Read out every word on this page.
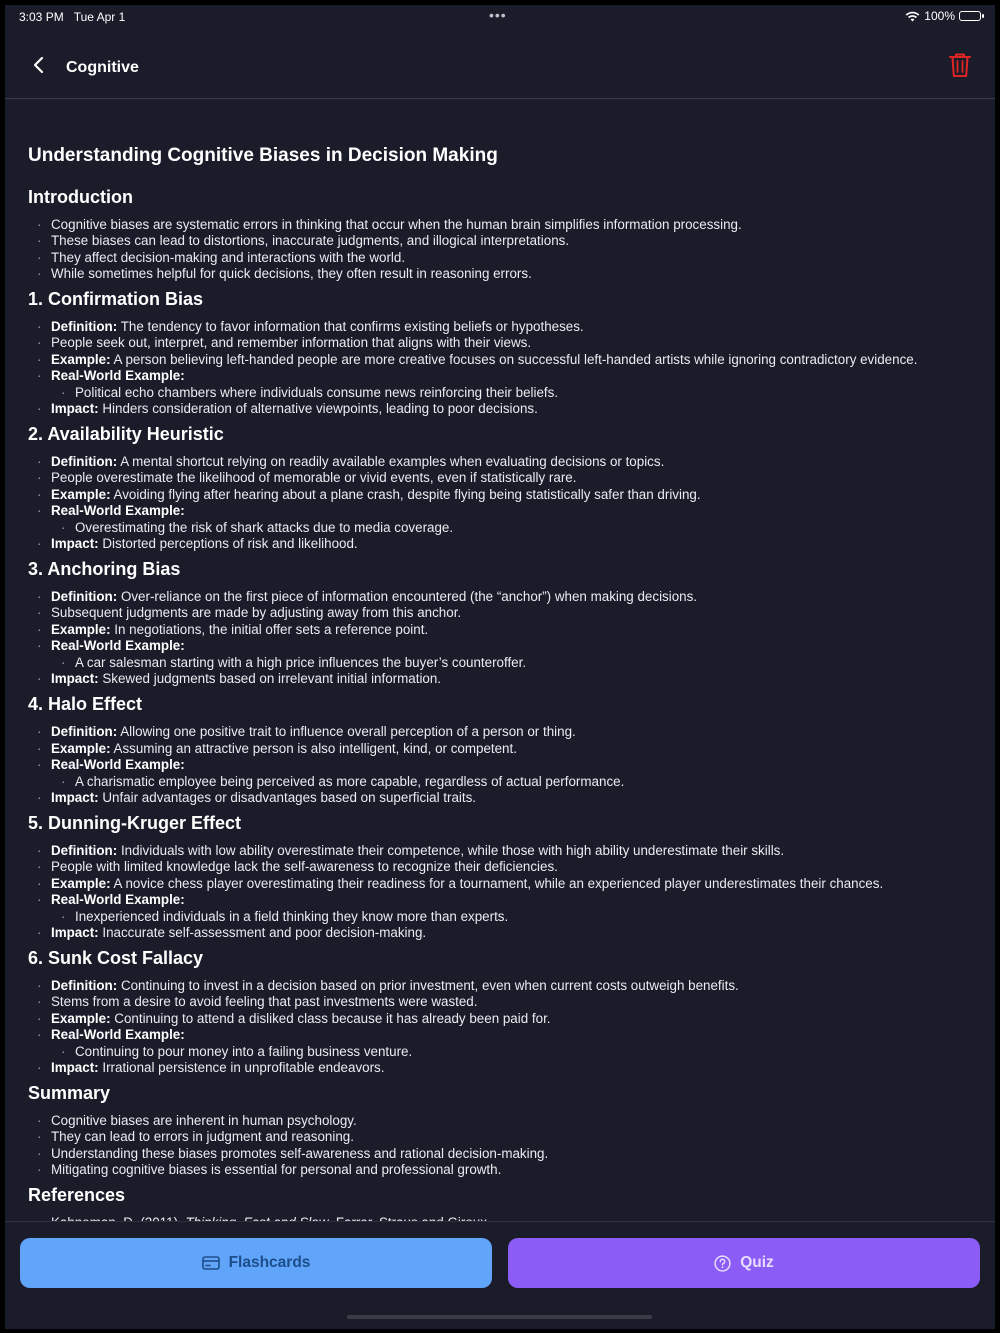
3:03 PM Tue Apr 1	•••	100%
Cognitive
Understanding Cognitive Biases in Decision Making
Introduction
· Cognitive biases are systematic errors in thinking that occur when the human brain simplifies information processing.
· These biases can lead to distortions, inaccurate judgments, and illogical interpretations.
· They affect decision-making and interactions with the world.
· While sometimes helpful for quick decisions, they often result in reasoning errors.
1. Confirmation Bias
· Definition: The tendency to favor information that confirms existing beliefs or hypotheses.
· People seek out, interpret, and remember information that aligns with their views.
· Example: A person believing left-handed people are more creative focuses on successful left-handed artists while ignoring contradictory evidence.
· Real-World Example:
· Political echo chambers where individuals consume news reinforcing their beliefs.
· Impact: Hinders consideration of alternative viewpoints, leading to poor decisions.
2. Availability Heuristic
· Definition: A mental shortcut relying on readily available examples when evaluating decisions or topics.
· People overestimate the likelihood of memorable or vivid events, even if statistically rare.
· Example: Avoiding flying after hearing about a plane crash, despite flying being statistically safer than driving.
· Real-World Example:
· Overestimating the risk of shark attacks due to media coverage.
· Impact: Distorted perceptions of risk and likelihood.
3. Anchoring Bias
· Definition: Over-reliance on the first piece of information encountered (the “anchor”) when making decisions.
· Subsequent judgments are made by adjusting away from this anchor.
· Example: In negotiations, the initial offer sets a reference point.
· Real-World Example:
· A car salesman starting with a high price influences the buyer’s counteroffer.
· Impact: Skewed judgments based on irrelevant initial information.
4. Halo Effect
· Definition: Allowing one positive trait to influence overall perception of a person or thing.
· Example: Assuming an attractive person is also intelligent, kind, or competent.
· Real-World Example:
· A charismatic employee being perceived as more capable, regardless of actual performance.
· Impact: Unfair advantages or disadvantages based on superficial traits.
5. Dunning-Kruger Effect
· Definition: Individuals with low ability overestimate their competence, while those with high ability underestimate their skills.
· People with limited knowledge lack the self-awareness to recognize their deficiencies.
· Example: A novice chess player overestimating their readiness for a tournament, while an experienced player underestimates their chances.
· Real-World Example:
· Inexperienced individuals in a field thinking they know more than experts.
· Impact: Inaccurate self-assessment and poor decision-making.
6. Sunk Cost Fallacy
· Definition: Continuing to invest in a decision based on prior investment, even when current costs outweigh benefits.
· Stems from a desire to avoid feeling that past investments were wasted.
· Example: Continuing to attend a disliked class because it has already been paid for.
· Real-World Example:
· Continuing to pour money into a failing business venture.
· Impact: Irrational persistence in unprofitable endeavors.
Summary
· Cognitive biases are inherent in human psychology.
· They can lead to errors in judgment and reasoning.
· Understanding these biases promotes self-awareness and rational decision-making.
· Mitigating cognitive biases is essential for personal and professional growth.
References
Flashcards	Quiz
